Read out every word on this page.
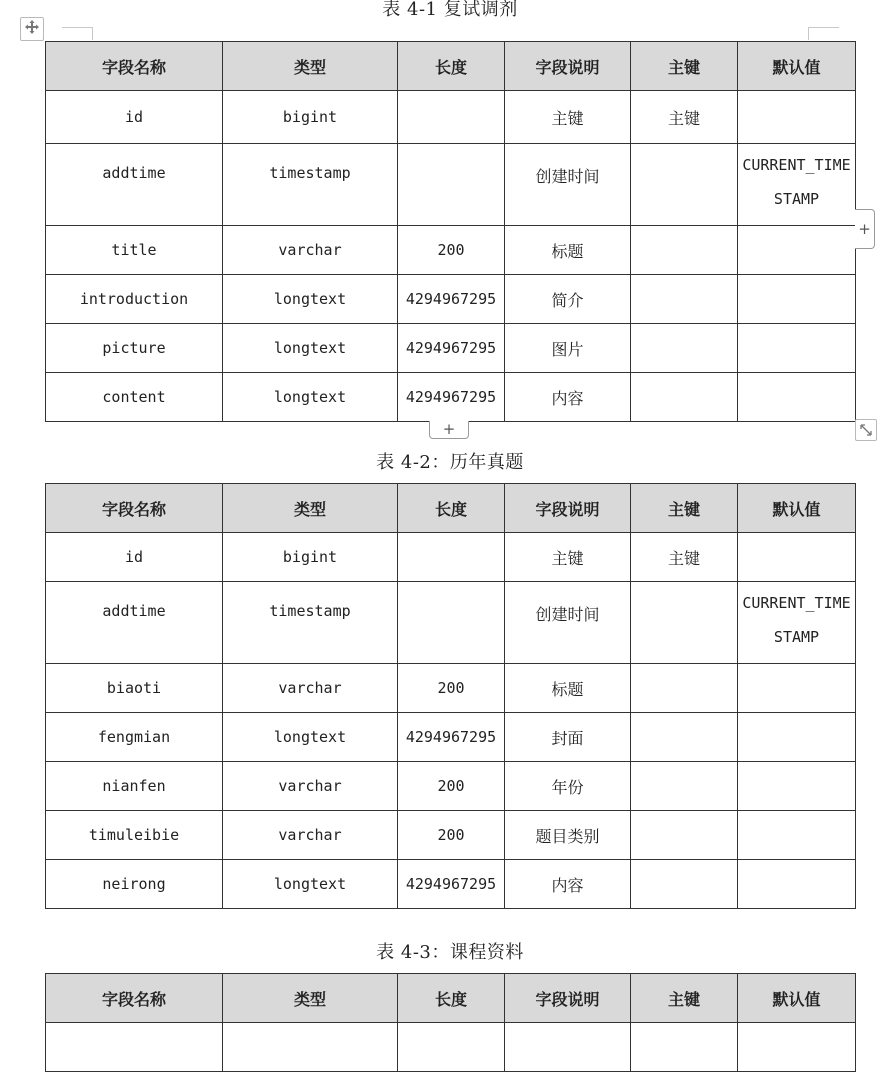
表 4-1 复试调剂
字段名称	类型	长度	字段说明	主键	默认值
id	bigint		主键	主键	
addtime	timestamp		创建时间		CURRENT_TIMESTAMP
title	varchar	200	标题		
introduction	longtext	4294967295	简介		
picture	longtext	4294967295	图片		
content	longtext	4294967295	内容		
+
+
表 4-2：历年真题
字段名称	类型	长度	字段说明	主键	默认值
id	bigint		主键	主键	
addtime	timestamp		创建时间		CURRENT_TIMESTAMP
biaoti	varchar	200	标题		
fengmian	longtext	4294967295	封面		
nianfen	varchar	200	年份		
timuleibie	varchar	200	题目类别		
neirong	longtext	4294967295	内容		
表 4-3：课程资料
字段名称	类型	长度	字段说明	主键	默认值
